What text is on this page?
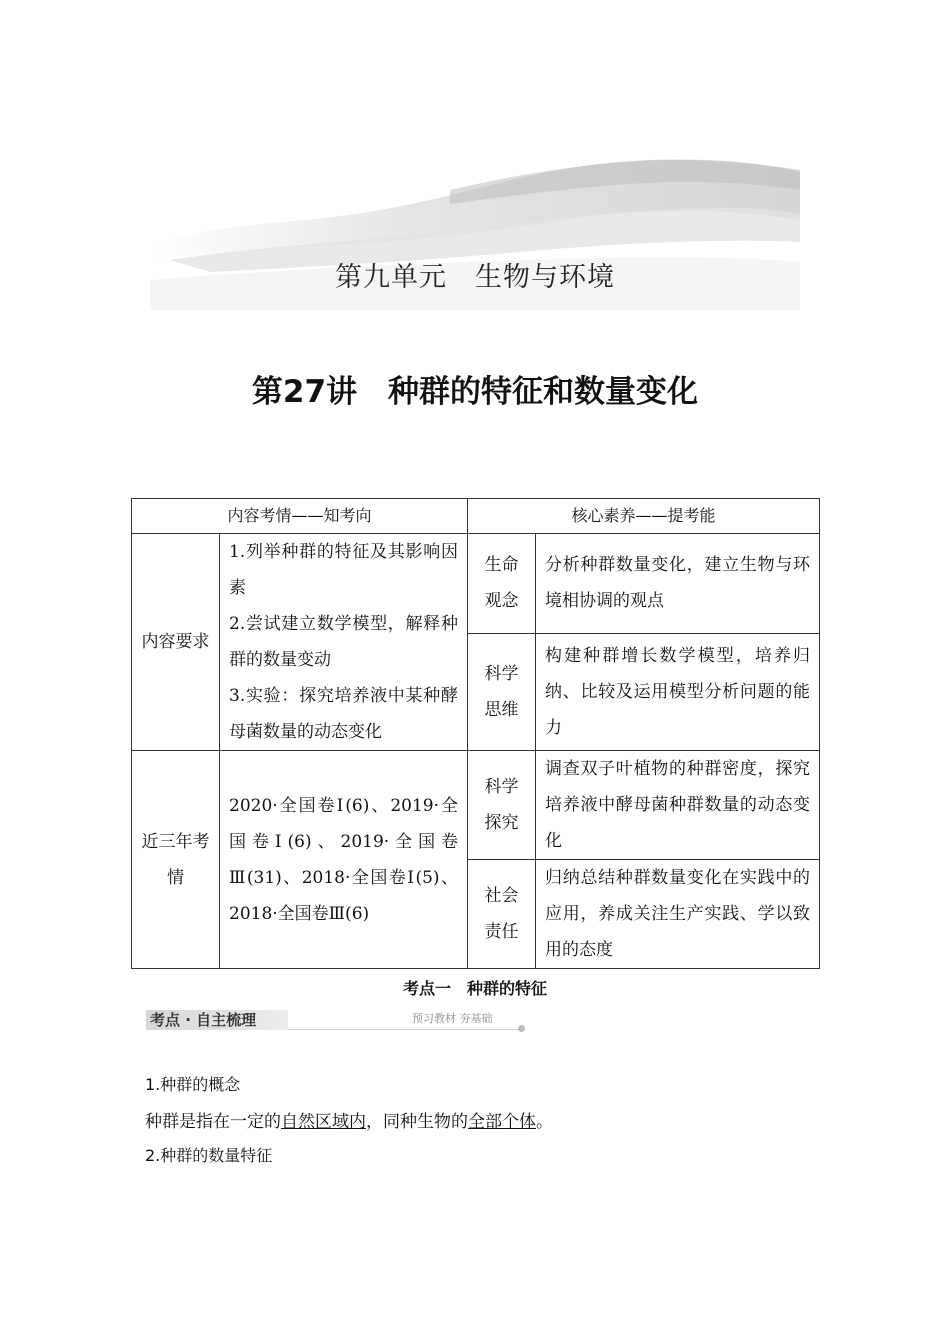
第九单元　生物与环境
第27讲　种群的特征和数量变化
内容考情——知考向		核心素养——提考能	
内容要求	1.列举种群的特征及其影响因素
2.尝试建立数学模型，解释种群的数量变动
3.实验：探究培养液中某种酵母菌数量的动态变化	生命观念	分析种群数量变化，建立生物与环境相协调的观点
		科学思维	构建种群增长数学模型，培养归纳、比较及运用模型分析问题的能力
近三年考情	2020·全国卷Ⅰ(6)、2019·全国卷Ⅰ(6)、2019·全国卷Ⅲ(31)、2018·全国卷Ⅰ(5)、2018·全国卷Ⅲ(6)	科学探究	调查双子叶植物的种群密度，探究培养液中酵母菌种群数量的动态变化
		社会责任	归纳总结种群数量变化在实践中的应用，养成关注生产实践、学以致用的态度
考点一　种群的特征
考点 · 自主梳理	预习教材 夯基础
1.种群的概念
种群是指在一定的自然区域内，同种生物的全部个体。
2.种群的数量特征
